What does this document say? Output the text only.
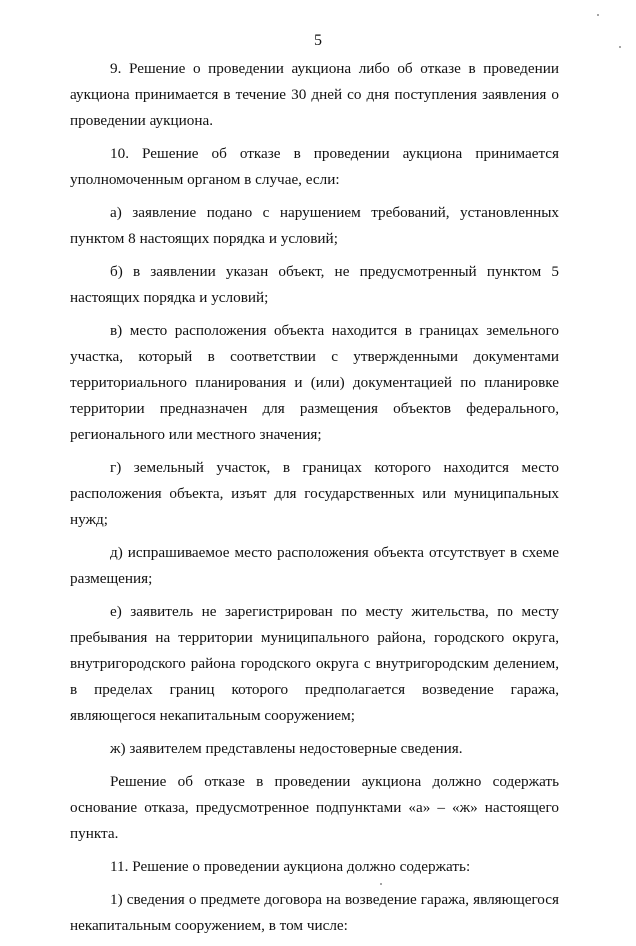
5

9. Решение о проведении аукциона либо об отказе в проведении аукциона принимается в течение 30 дней со дня поступления заявления о проведении аукциона.

10. Решение об отказе в проведении аукциона принимается уполномоченным органом в случае, если:

а) заявление подано с нарушением требований, установленных пунктом 8 настоящих порядка и условий;

б) в заявлении указан объект, не предусмотренный пунктом 5 настоящих порядка и условий;

в) место расположения объекта находится в границах земельного участка, который в соответствии с утвержденными документами территориального планирования и (или) документацией по планировке территории предназначен для размещения объектов федерального, регионального или местного значения;

г) земельный участок, в границах которого находится место расположения объекта, изъят для государственных или муниципальных нужд;

д) испрашиваемое место расположения объекта отсутствует в схеме размещения;

е) заявитель не зарегистрирован по месту жительства, по месту пребывания на территории муниципального района, городского округа, внутригородского района городского округа с внутригородским делением, в пределах границ которого предполагается возведение гаража, являющегося некапитальным сооружением;

ж) заявителем представлены недостоверные сведения.

Решение об отказе в проведении аукциона должно содержать основание отказа, предусмотренное подпунктами «а» – «ж» настоящего пункта.

11. Решение о проведении аукциона должно содержать:

1) сведения о предмете договора на возведение гаража, являющегося некапитальным сооружением, в том числе:
